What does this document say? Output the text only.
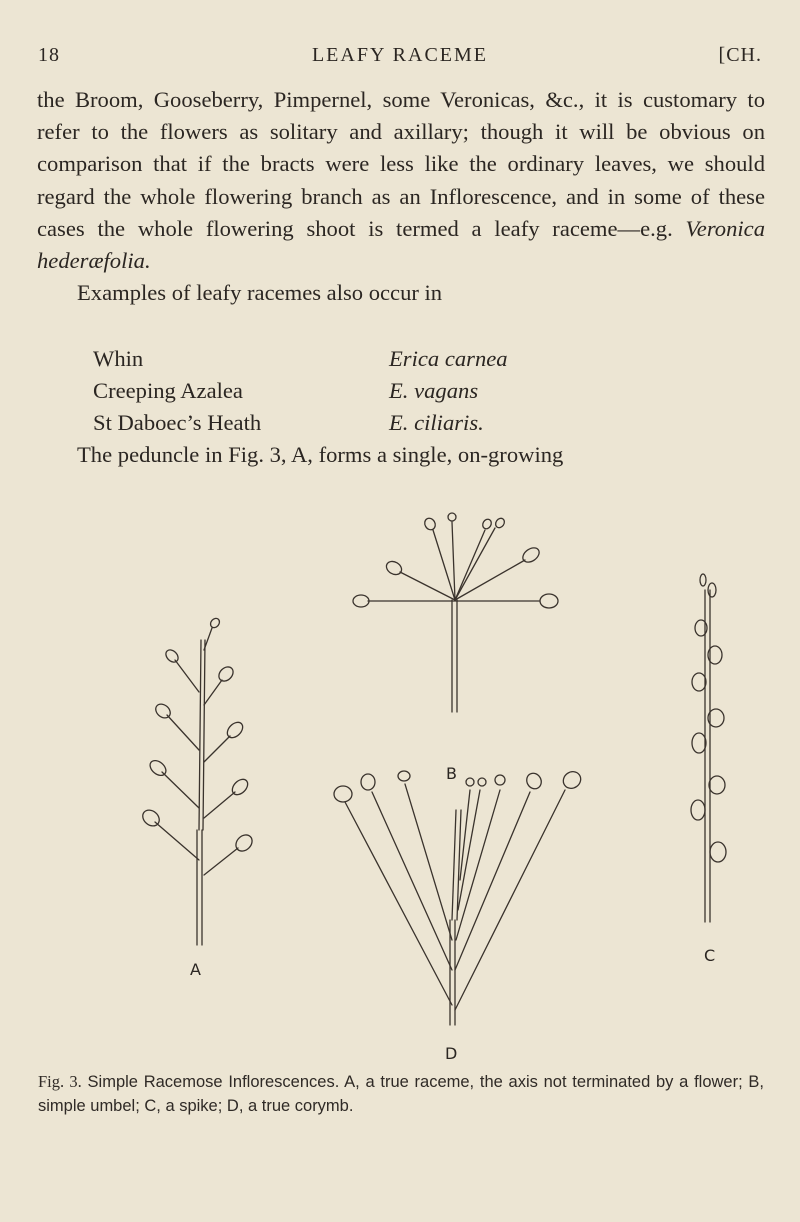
18	LEAFY RACEME	[CH.

the Broom, Gooseberry, Pimpernel, some Veronicas, &c., it is customary to refer to the flowers as solitary and axillary; though it will be obvious on comparison that if the bracts were less like the ordinary leaves, we should regard the whole flowering branch as an Inflorescence, and in some of these cases the whole flowering shoot is termed a leafy raceme—e.g. Veronica hederæfolia.

Examples of leafy racemes also occur in

Whin	Erica carnea
Creeping Azalea	E. vagans
St Daboec’s Heath	E. ciliaris.
The peduncle in Fig. 3, A, forms a single, on-growing
A
B
C
D
Fig. 3. Simple Racemose Inflorescences. A, a true raceme, the axis not terminated by a flower; B, simple umbel; C, a spike; D, a true corymb.
